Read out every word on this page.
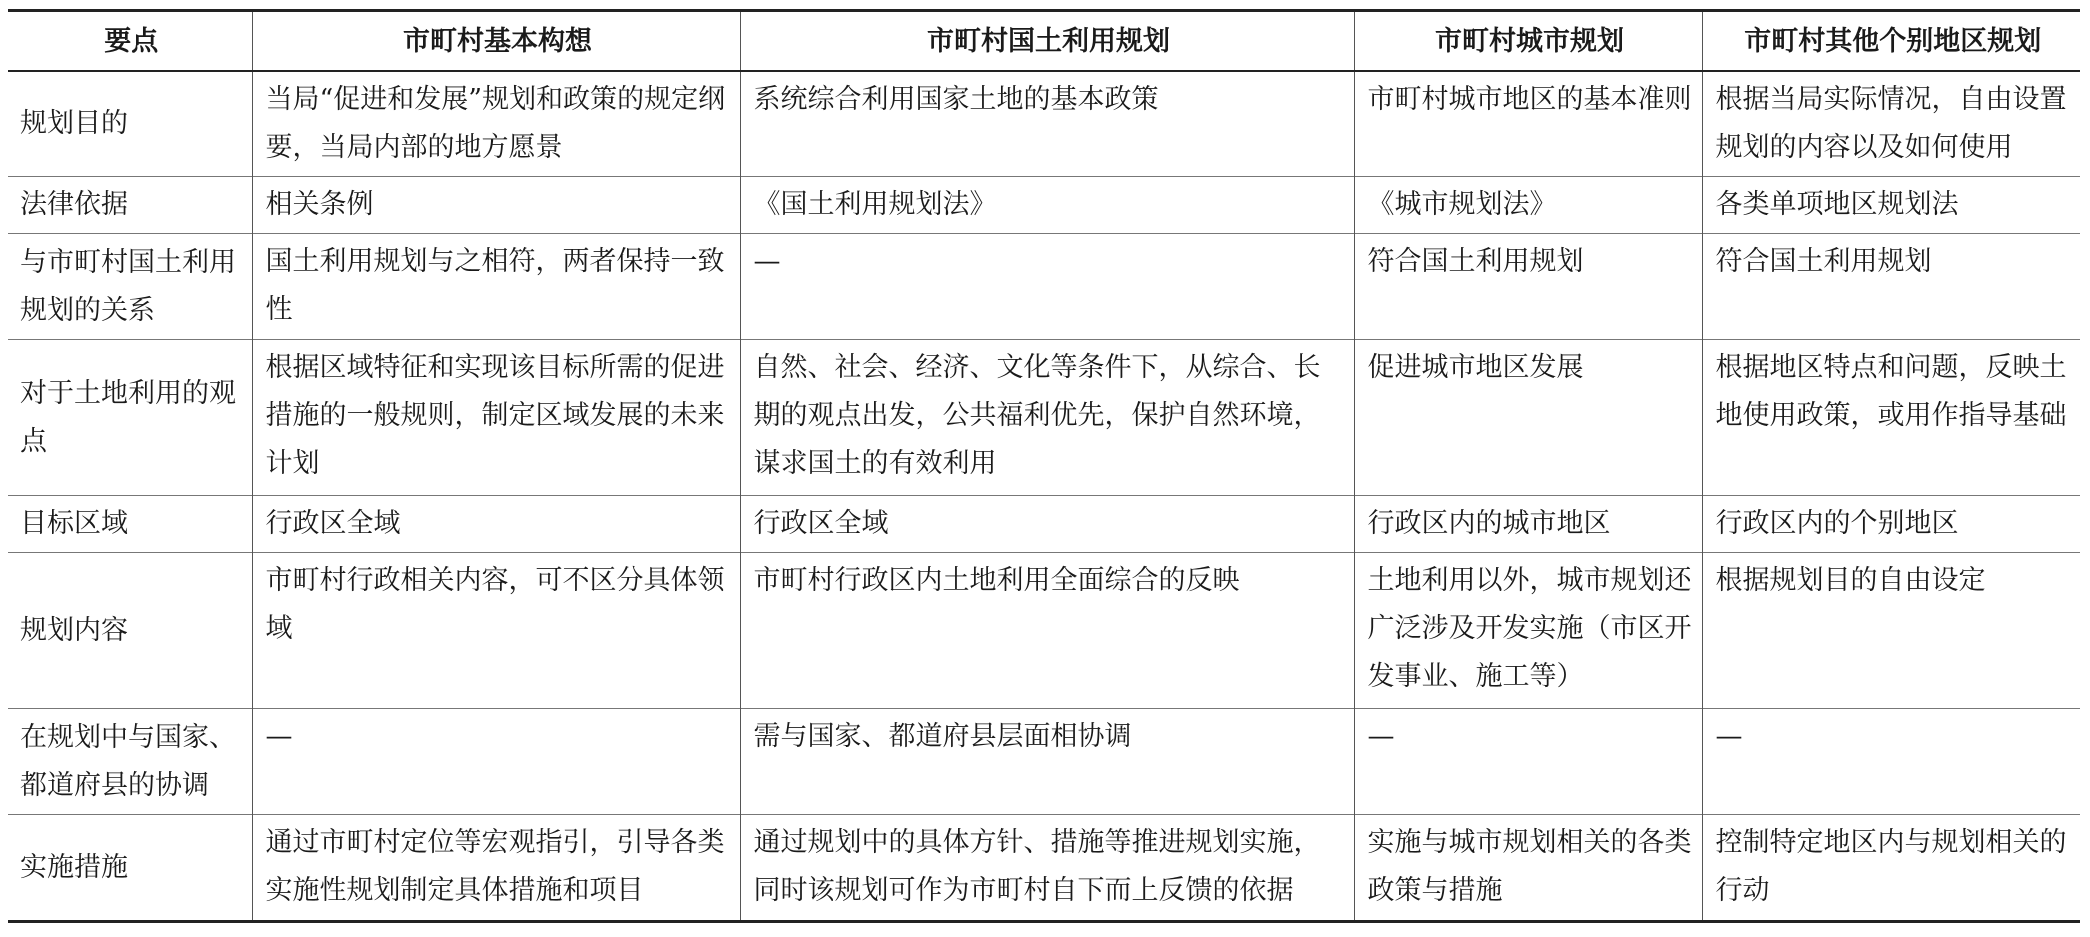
要点	市町村基本构想	市町村国土利用规划	市町村城市规划	市町村其他个别地区规划
规划目的	当局“促进和发展”规划和政策的规定纲要，当局内部的地方愿景	系统综合利用国家土地的基本政策	市町村城市地区的基本准则	根据当局实际情况，自由设置规划的内容以及如何使用
法律依据	相关条例	《国土利用规划法》	《城市规划法》	各类单项地区规划法
与市町村国土利用规划的关系	国土利用规划与之相符，两者保持一致性	—	符合国土利用规划	符合国土利用规划
对于土地利用的观点	根据区域特征和实现该目标所需的促进措施的一般规则，制定区域发展的未来计划	自然、社会、经济、文化等条件下，从综合、长期的观点出发，公共福利优先，保护自然环境，谋求国土的有效利用	促进城市地区发展	根据地区特点和问题，反映土地使用政策，或用作指导基础
目标区域	行政区全域	行政区全域	行政区内的城市地区	行政区内的个别地区
规划内容	市町村行政相关内容，可不区分具体领域	市町村行政区内土地利用全面综合的反映	土地利用以外，城市规划还广泛涉及开发实施（市区开发事业、施工等）	根据规划目的自由设定
在规划中与国家、都道府县的协调	—	需与国家、都道府县层面相协调	—	—
实施措施	通过市町村定位等宏观指引，引导各类实施性规划制定具体措施和项目	通过规划中的具体方针、措施等推进规划实施，同时该规划可作为市町村自下而上反馈的依据	实施与城市规划相关的各类政策与措施	控制特定地区内与规划相关的行动
